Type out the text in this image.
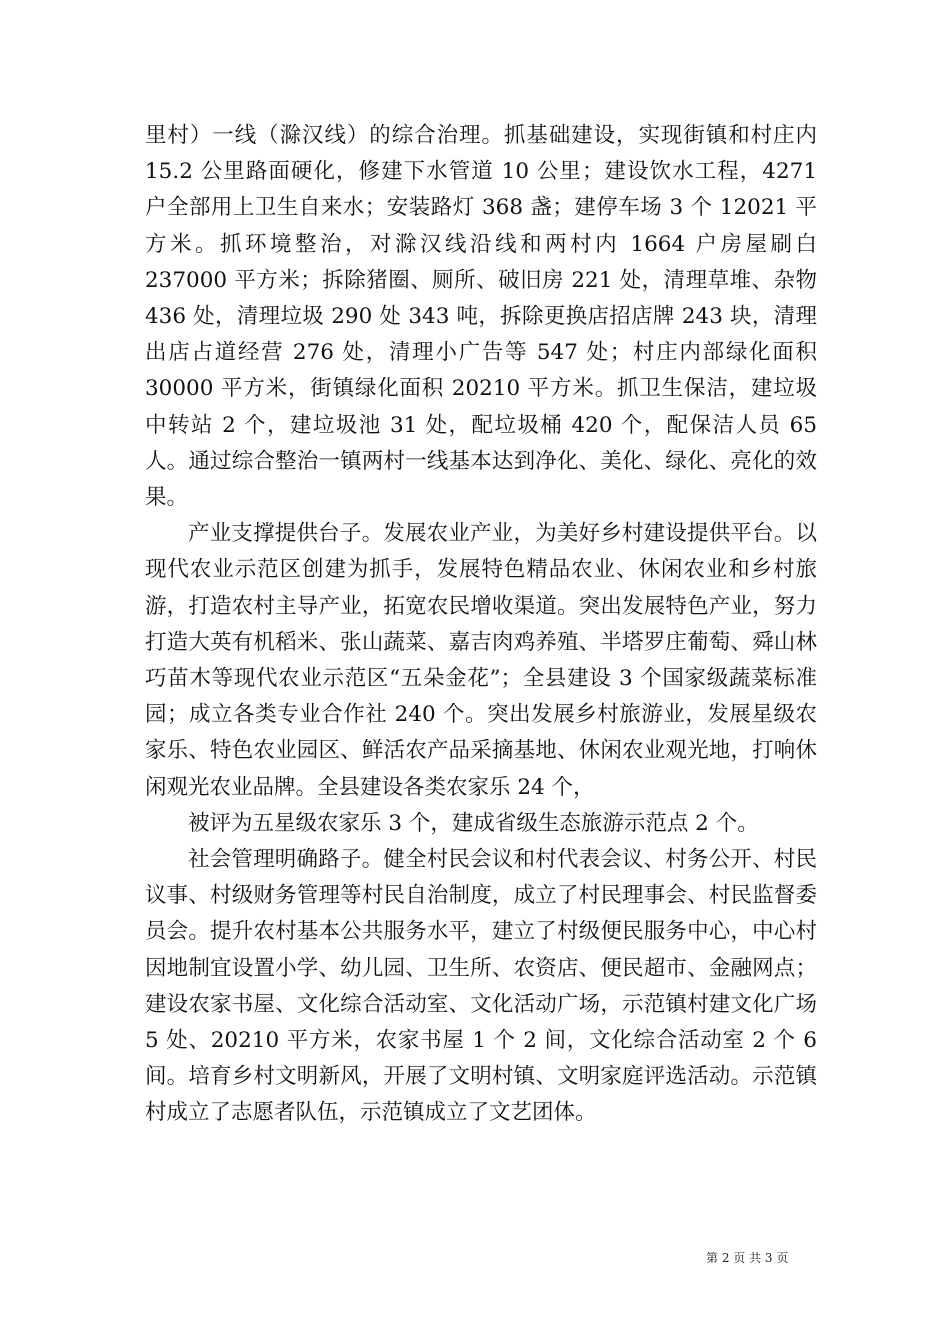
里村）一线（滁汉线）的综合治理。抓基础建设，实现街镇和村庄内 15.2 公里路面硬化，修建下水管道 10 公里；建设饮水工程，4271 户全部用上卫生自来水；安装路灯 368 盏；建停车场 3 个 12021 平方米。抓环境整治，对滁汉线沿线和两村内 1664 户房屋刷白 237000 平方米；拆除猪圈、厕所、破旧房 221 处，清理草堆、杂物 436 处，清理垃圾 290 处 343 吨，拆除更换店招店牌 243 块，清理出店占道经营 276 处，清理小广告等 547 处；村庄内部绿化面积 30000 平方米，街镇绿化面积 20210 平方米。抓卫生保洁，建垃圾中转站 2 个，建垃圾池 31 处，配垃圾桶 420 个，配保洁人员 65 人。通过综合整治一镇两村一线基本达到净化、美化、绿化、亮化的效果。

产业支撑提供台子。发展农业产业，为美好乡村建设提供平台。以现代农业示范区创建为抓手，发展特色精品农业、休闲农业和乡村旅游，打造农村主导产业，拓宽农民增收渠道。突出发展特色产业，努力打造大英有机稻米、张山蔬菜、嘉吉肉鸡养殖、半塔罗庄葡萄、舜山林巧苗木等现代农业示范区“五朵金花”；全县建设 3 个国家级蔬菜标准园；成立各类专业合作社 240 个。突出发展乡村旅游业，发展星级农家乐、特色农业园区、鲜活农产品采摘基地、休闲农业观光地，打响休闲观光农业品牌。全县建设各类农家乐 24 个，

被评为五星级农家乐 3 个，建成省级生态旅游示范点 2 个。

社会管理明确路子。健全村民会议和村代表会议、村务公开、村民议事、村级财务管理等村民自治制度，成立了村民理事会、村民监督委员会。提升农村基本公共服务水平，建立了村级便民服务中心，中心村因地制宜设置小学、幼儿园、卫生所、农资店、便民超市、金融网点；建设农家书屋、文化综合活动室、文化活动广场，示范镇村建文化广场 5 处、20210 平方米，农家书屋 1 个 2 间，文化综合活动室 2 个 6 间。培育乡村文明新风，开展了文明村镇、文明家庭评选活动。示范镇村成立了志愿者队伍，示范镇成立了文艺团体。

第 2 页 共 3 页
